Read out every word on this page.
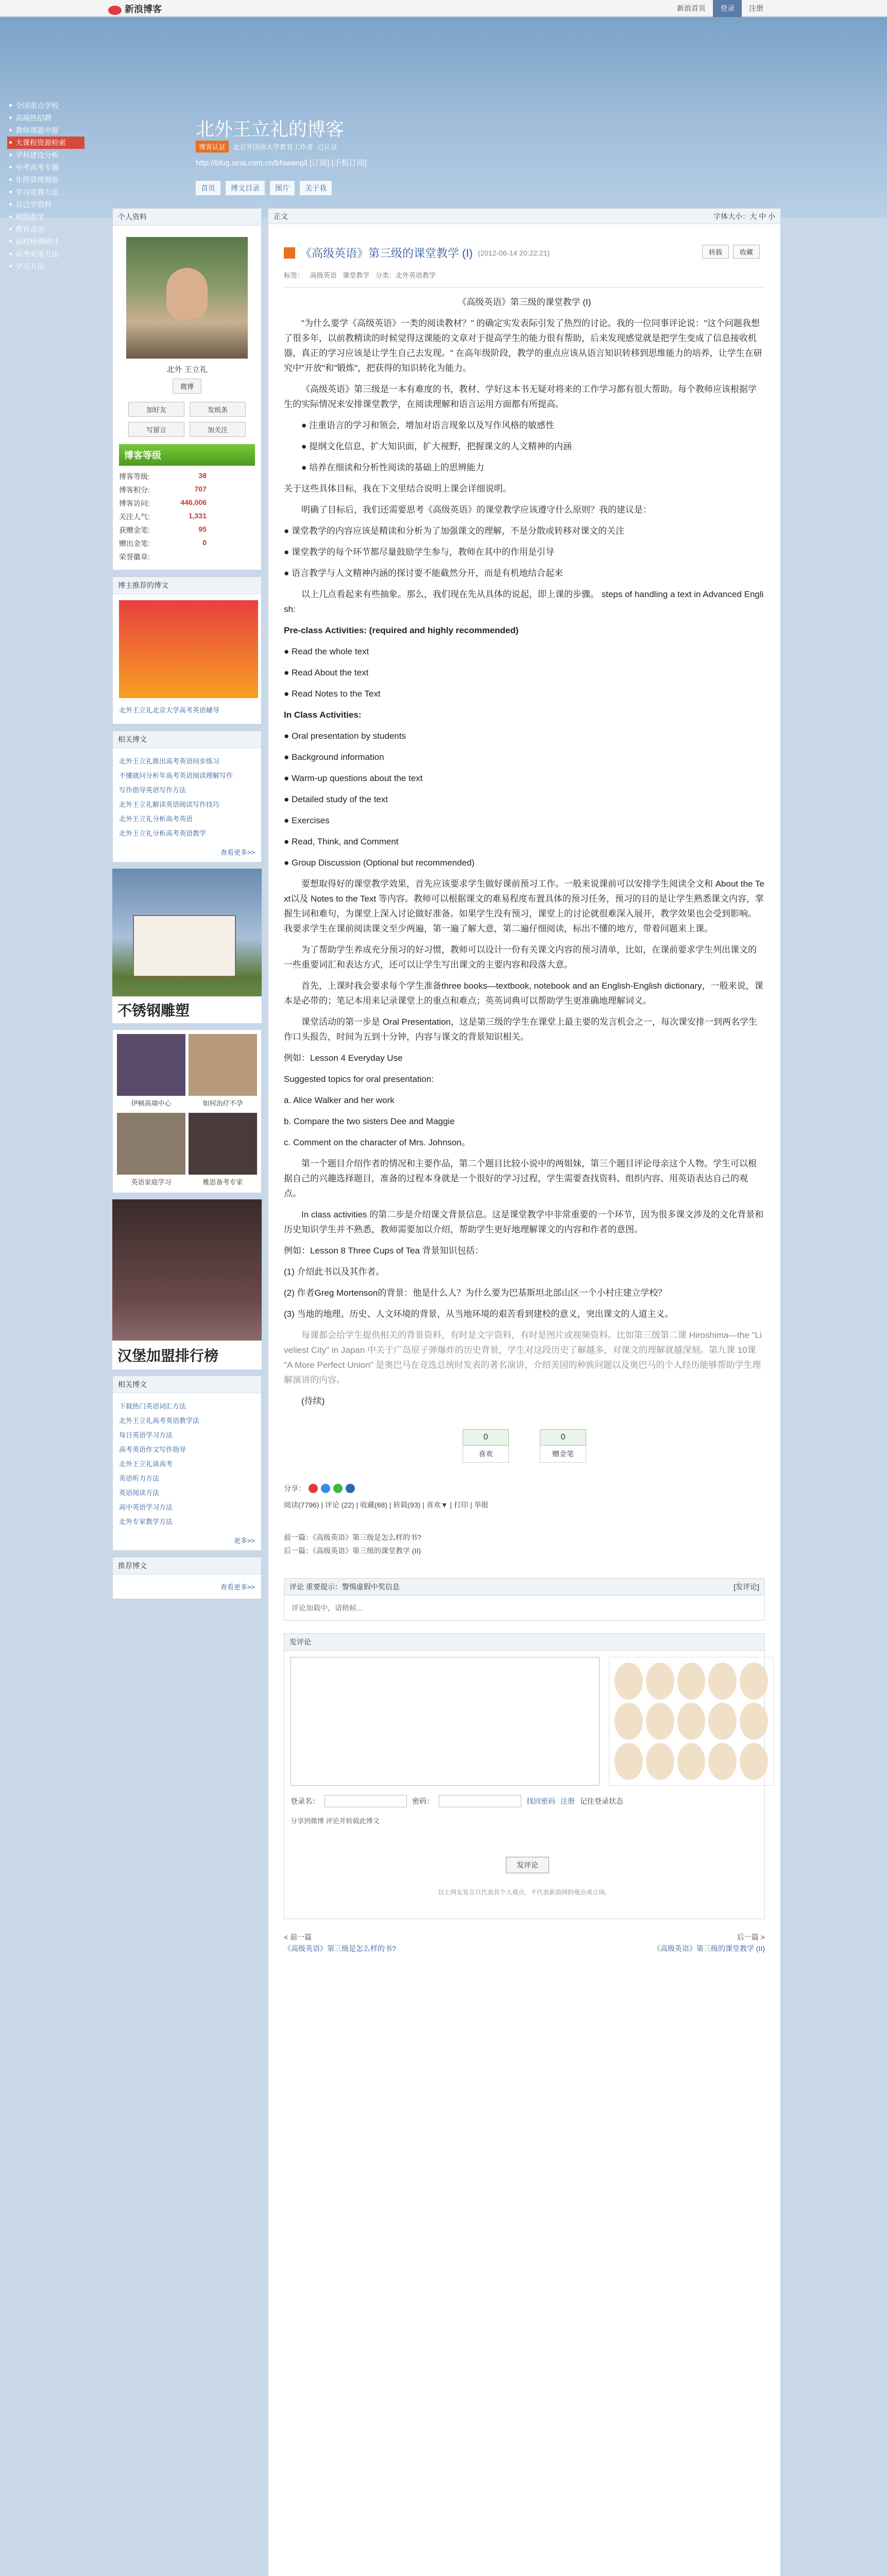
新浪博客	新浪首页	登录	注册
全国重点学校
高端热招聘
教师课题申报
大课程资源检索
学科建设分析
中考高考专题
年终管理测验
学习竞赛方法
自己学资料
班级教学
教育动态
高校检测研讨
高考实用方法
学习方法
北外王立礼的博客
博客认证	北京外国语大学教育工作者 已认证
http://blog.sina.com.cn/bfswangll [订阅] [手机订阅]
首页	博文目录	图片	关于我
个人资料
北外 王立礼
微博
加好友	发纸条
写留言	加关注
博客等级
博客等级:	38
博客积分:	707
博客访问:	446,006
关注人气:	1,331
获赠金笔:	95
赠出金笔:	0
荣誉徽章:
博主推荐的博文
北外王立礼北京大学高考英语辅导
相关博文
北外王立礼推出高考英语同步练习
不懂就问分析年高考英语阅读理解写作
写作指导英语写作方法
北外王立礼解读英语阅读写作技巧
北外王立礼分析高考英语
北外王立礼分析高考英语教学
查看更多>>
不锈钢雕塑
伊顿高端中心	如何治疗不孕
英语家庭学习	雅思备考专家
汉堡加盟排行榜
相关博文
下载热门英语词汇方法
北外王立礼高考英语教学法
每日英语学习方法
高考英语作文写作指导
北外王立礼谈高考
英语听力方法
英语阅读方法
高中英语学习方法
北外专家教学方法
更多>>
推荐博文
查看更多>>
正文	字体大小：大 中 小
《高级英语》第三级的课堂教学 (I) (2012-06-14 20:22:21)	转载	收藏
标签： 高级英语 课堂教学 分类：北外英语教学

《高级英语》第三级的课堂教学 (I)

"为什么要学《高级英语》一类的阅读教材？" 的确定实发表际引发了热烈的讨论。我的一位同事评论说："这个问题我想了很多年，以前教精读的时候觉得这课能的文章对于提高学生的能力很有帮助，后来发现感觉就是把学生变成了信息接收机器，真正的学习应该是让学生自己去发现。" 在高年级阶段，教学的重点应该从语言知识转移到思维能力的培养，让学生在研究中"开放"和"锻炼"，把获得的知识转化为能力。

《高级英语》第三级是一本有难度的书，教材、学好这本书无疑对将来的工作学习都有很大帮助。每个教师应该根据学生的实际情况来安排课堂教学，在阅读理解和语言运用方面都有所提高。

● 注重语言的学习和领会，增加对语言现象以及写作风格的敏感性

● 提纲文化信息，扩大知识面，扩大视野，把握课文的人文精神的内涵

● 培养在细读和分析性阅读的基础上的思辨能力

关于这些具体目标，我在下文里结合说明上课会详细说明。

明确了目标后，我们还需要思考《高级英语》的课堂教学应该遵守什么原则？我的建议是：

● 课堂教学的内容应该是精读和分析为了加强课文的理解，不是分散或转移对课文的关注

● 课堂教学的每个环节都尽量鼓励学生参与，教师在其中的作用是引导

● 语言教学与人文精神内涵的探讨要不能截然分开，而是有机地结合起来

以上几点看起来有些抽象。那么，我们现在先从具体的说起，即上课的步骤。 steps of handling a text in Advanced English:

Pre-class Activities: (required and highly recommended)

● Read the whole text

● Read About the text

● Read Notes to the Text

In Class Activities:

● Oral presentation by students

● Background information

● Warm-up questions about the text

● Detailed study of the text

● Exercises

● Read, Think, and Comment

● Group Discussion (Optional but recommended)

要想取得好的课堂教学效果，首先应该要求学生做好课前预习工作。一般来说课前可以安排学生阅读全文和 About the Text以及 Notes to the Text 等内容。教师可以根据课文的难易程度布置具体的预习任务，预习的目的是让学生熟悉课文内容，掌握生词和难句，为课堂上深入讨论做好准备。如果学生没有预习，课堂上的讨论就很难深入展开，教学效果也会受到影响。我要求学生在课前阅读课文至少两遍，第一遍了解大意，第二遍仔细阅读，标出不懂的地方，带着问题来上课。

为了帮助学生养成充分预习的好习惯，教师可以设计一份有关课文内容的预习清单，比如，在课前要求学生列出课文的一些重要词汇和表达方式，还可以让学生写出课文的主要内容和段落大意。

首先，上课时我会要求每个学生准备three books—textbook, notebook and an English-English dictionary，一般来说，课本是必带的；笔记本用来记录课堂上的重点和难点；英英词典可以帮助学生更准确地理解词义。

课堂活动的第一步是 Oral Presentation，这是第三级的学生在课堂上最主要的发言机会之一，每次课安排一到两名学生作口头报告，时间为五到十分钟，内容与课文的背景知识相关。

例如：Lesson 4 Everyday Use

Suggested topics for oral presentation:

a. Alice Walker and her work

b. Compare the two sisters Dee and Maggie

c. Comment on the character of Mrs. Johnson。

第一个题目介绍作者的情况和主要作品，第二个题目比较小说中的两姐妹，第三个题目评论母亲这个人物。学生可以根据自己的兴趣选择题目，准备的过程本身就是一个很好的学习过程，学生需要查找资料、组织内容、用英语表达自己的观点。

In class activities 的第二步是介绍课文背景信息。这是课堂教学中非常重要的一个环节，因为很多课文涉及的文化背景和历史知识学生并不熟悉，教师需要加以介绍，帮助学生更好地理解课文的内容和作者的意图。

例如：Lesson 8 Three Cups of Tea 背景知识包括：

(1) 介绍此书以及其作者。

(2) 作者Greg Mortenson的背景：他是什么人？为什么要为巴基斯坦北部山区一个小村庄建立学校？

(3) 当地的地理、历史、人文环境的背景，从当地环境的艰苦看到建校的意义，突出课文的人道主义。

每课都会给学生提供相关的背景资料，有时是文字资料，有时是图片或视频资料。比如第三级第二课 Hiroshima—the "Liveliest City" in Japan 中关于广岛原子弹爆炸的历史背景，学生对这段历史了解越多，对课文的理解就越深刻。第九课 10课 "A More Perfect Union" 是奥巴马在竞选总统时发表的著名演讲，介绍美国的种族问题以及奥巴马的个人经历能够帮助学生理解演讲的内容。

(待续)

0
喜欢
0
赠金笔
分享：
阅读(7796) | 评论 (22) | 收藏(68) | 转载(93) | 喜欢▼ | 打印 | 举报
前一篇：《高级英语》第三级是怎么样的书?
后一篇：《高级英语》第三级的课堂教学 (II)
评论 重要提示：警惕虚假中奖信息	[发评论]
评论加载中，请稍候...
发评论
登录名：	密码：	找回密码 注册 记住登录状态
分享到微博 评论并转载此博文
发评论
以上网友发言只代表其个人观点，不代表新浪网的观点或立场。
< 前一篇
《高级英语》第三级是怎么样的书?
后一篇 >
《高级英语》第三级的课堂教学 (II)
